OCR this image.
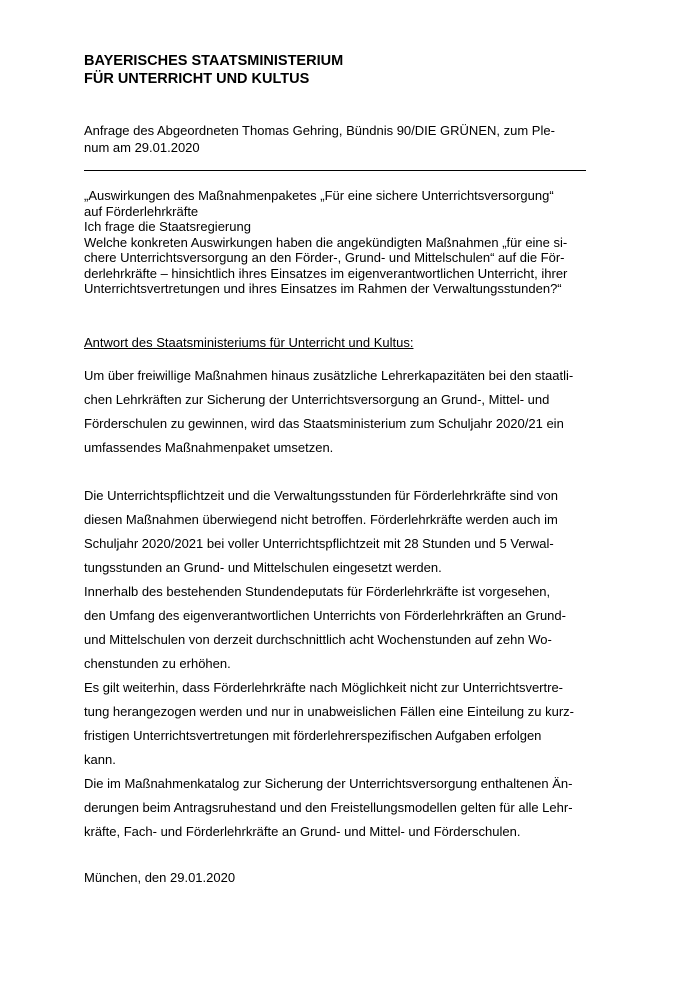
BAYERISCHES STAATSMINISTERIUM
FÜR UNTERRICHT UND KULTUS
Anfrage des Abgeordneten Thomas Gehring, Bündnis 90/DIE GRÜNEN, zum Ple-
num am 29.01.2020
„Auswirkungen des Maßnahmenpaketes „Für eine sichere Unterrichtsversorgung“
auf Förderlehrkräfte
Ich frage die Staatsregierung
Welche konkreten Auswirkungen haben die angekündigten Maßnahmen „für eine si-
chere Unterrichtsversorgung an den Förder-, Grund- und Mittelschulen“ auf die För-
derlehrkräfte – hinsichtlich ihres Einsatzes im eigenverantwortlichen Unterricht, ihrer
Unterrichtsvertretungen und ihres Einsatzes im Rahmen der Verwaltungsstunden?“
Antwort des Staatsministeriums für Unterricht und Kultus:

Um über freiwillige Maßnahmen hinaus zusätzliche Lehrerkapazitäten bei den staatli-
chen Lehrkräften zur Sicherung der Unterrichtsversorgung an Grund-, Mittel- und
Förderschulen zu gewinnen, wird das Staatsministerium zum Schuljahr 2020/21 ein
umfassendes Maßnahmenpaket umsetzen.

Die Unterrichtspflichtzeit und die Verwaltungsstunden für Förderlehrkräfte sind von
diesen Maßnahmen überwiegend nicht betroffen. Förderlehrkräfte werden auch im
Schuljahr 2020/2021 bei voller Unterrichtspflichtzeit mit 28 Stunden und 5 Verwal-
tungsstunden an Grund- und Mittelschulen eingesetzt werden.
Innerhalb des bestehenden Stundendeputats für Förderlehrkräfte ist vorgesehen,
den Umfang des eigenverantwortlichen Unterrichts von Förderlehrkräften an Grund-
und Mittelschulen von derzeit durchschnittlich acht Wochenstunden auf zehn Wo-
chenstunden zu erhöhen.
Es gilt weiterhin, dass Förderlehrkräfte nach Möglichkeit nicht zur Unterrichtsvertre-
tung herangezogen werden und nur in unabweislichen Fällen eine Einteilung zu kurz-
fristigen Unterrichtsvertretungen mit förderlehrerspezifischen Aufgaben erfolgen
kann.
Die im Maßnahmenkatalog zur Sicherung der Unterrichtsversorgung enthaltenen Än-
derungen beim Antragsruhestand und den Freistellungsmodellen gelten für alle Lehr-
kräfte, Fach- und Förderlehrkräfte an Grund- und Mittel- und Förderschulen.

München, den 29.01.2020
